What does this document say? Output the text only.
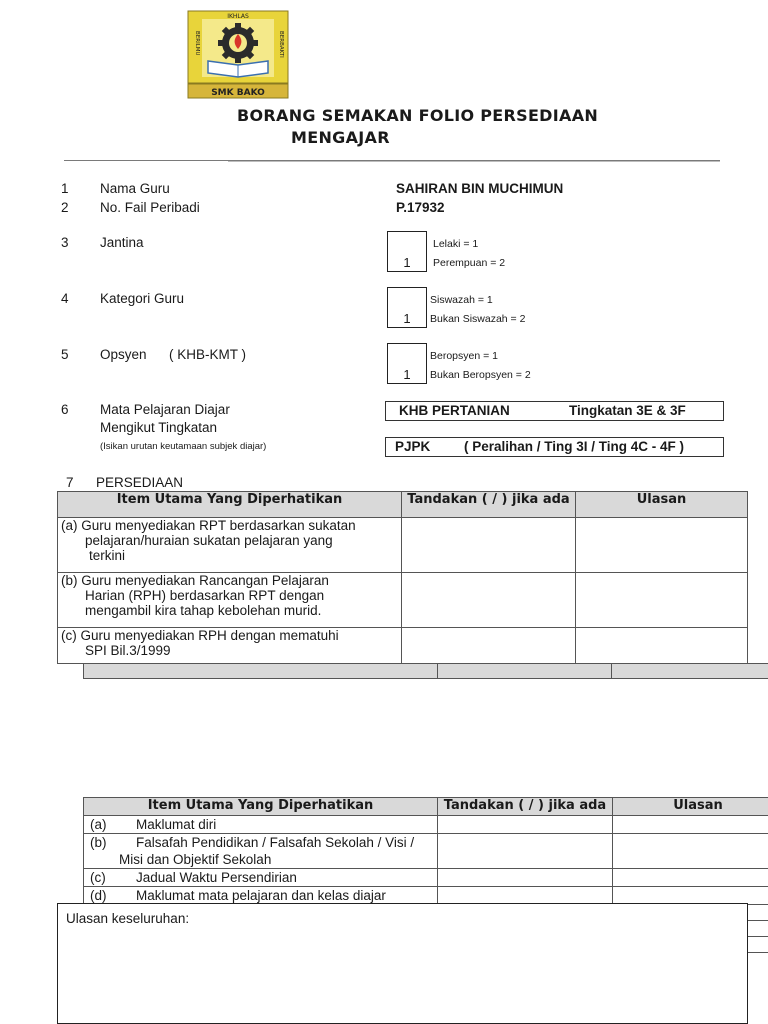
IKHLAS
BERILMU	BERBAKTI
SMK BAKO
BORANG SEMAKAN FOLIO PERSEDIAAN
MENGAJAR
1 Nama Guru	SAHIRAN BIN MUCHIMUN
2 No. Fail Peribadi	P.17932
3 Jantina
1
Lelaki = 1
Perempuan = 2
4 Kategori Guru
1
Siswazah = 1
Bukan Siswazah = 2
5 Opsyen ( KHB-KMT )
1
Beropsyen = 1
Bukan Beropsyen = 2
6 Mata Pelajaran Diajar
Mengikut Tingkatan
(Isikan urutan keutamaan subjek diajar)
KHB PERTANIAN	Tingkatan 3E & 3F
PJPK ( Peralihan / Ting 3I / Ting 4C - 4F )
7 PERSEDIAAN
Item Utama Yang Diperhatikan	Tandakan ( / ) jika ada	Ulasan

(a) Guru menyediakan RPT berdasarkan sukatan
pelajaran/huraian sukatan pelajaran yang
terkini		

(b) Guru menyediakan Rancangan Pelajaran
Harian (RPH) berdasarkan RPT dengan
mengambil kira tahap kebolehan murid.		

(c) Guru menyediakan RPH dengan mematuhi
SPI Bil.3/1999		

Item Utama Yang Diperhatikan	Tandakan ( / ) jika ada	Ulasan
(a) Maklumat diri		

(b) Falsafah Pendidikan / Falsafah Sekolah / Visi /
Misi dan Objektif Sekolah		

(c) Jadual Waktu Persendirian		
(d) Maklumat mata pelajaran dan kelas diajar		

Ulasan keseluruhan:
